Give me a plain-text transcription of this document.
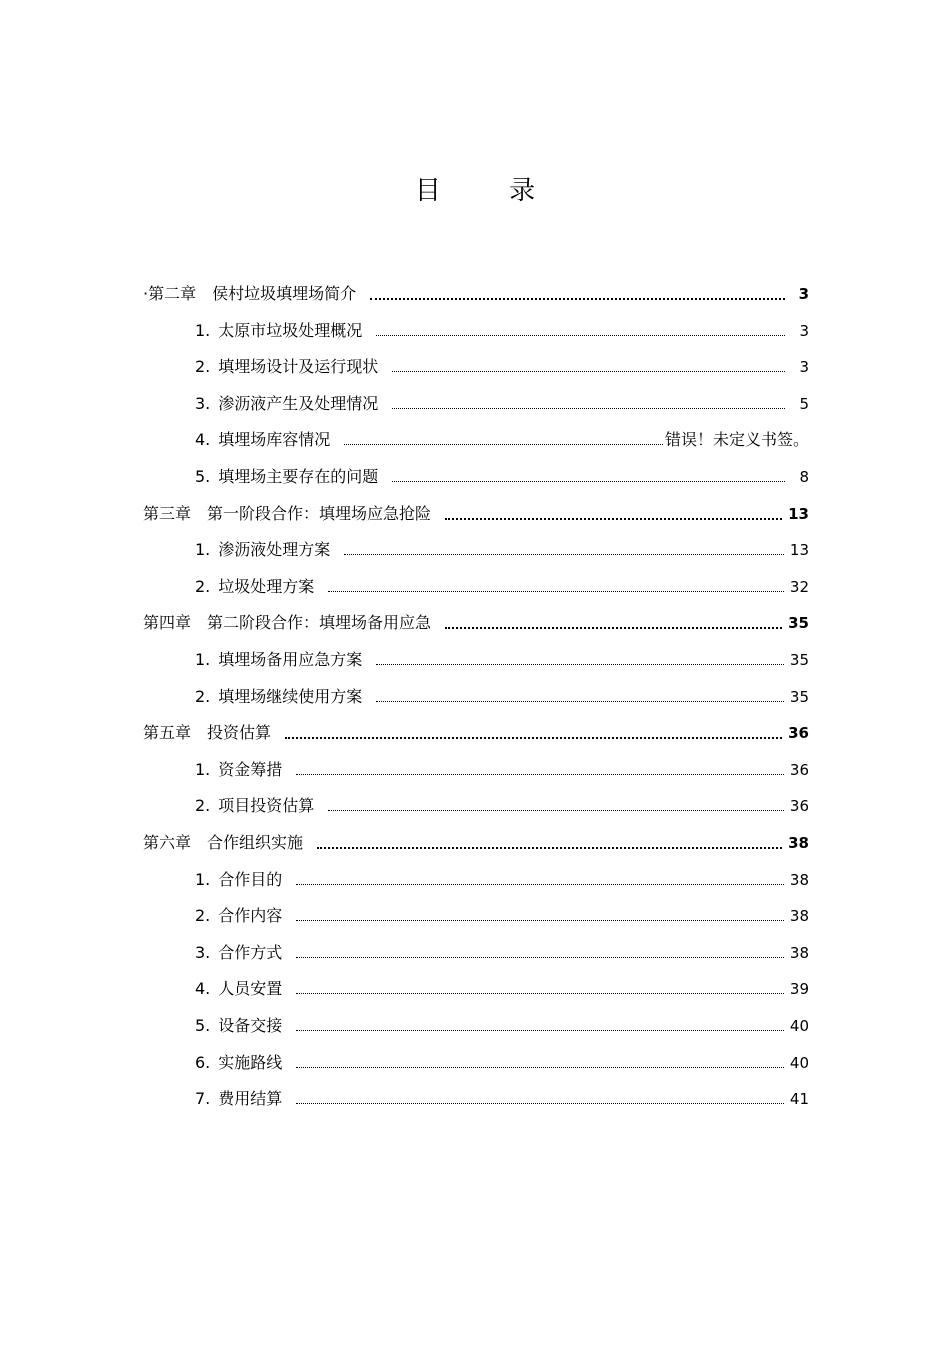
目 录
·第二章 侯村垃圾填埋场简介	3
1. 太原市垃圾处理概况	3
2. 填埋场设计及运行现状	3
3. 渗沥液产生及处理情况	5
4. 填埋场库容情况	错误！未定义书签。
5. 填埋场主要存在的问题	8
第三章 第一阶段合作：填埋场应急抢险	13
1. 渗沥液处理方案	13
2. 垃圾处理方案	32
第四章 第二阶段合作：填埋场备用应急	35
1. 填埋场备用应急方案	35
2. 填埋场继续使用方案	35
第五章 投资估算	36
1. 资金筹措	36
2. 项目投资估算	36
第六章 合作组织实施	38
1. 合作目的	38
2. 合作内容	38
3. 合作方式	38
4. 人员安置	39
5. 设备交接	40
6. 实施路线	40
7. 费用结算	41
